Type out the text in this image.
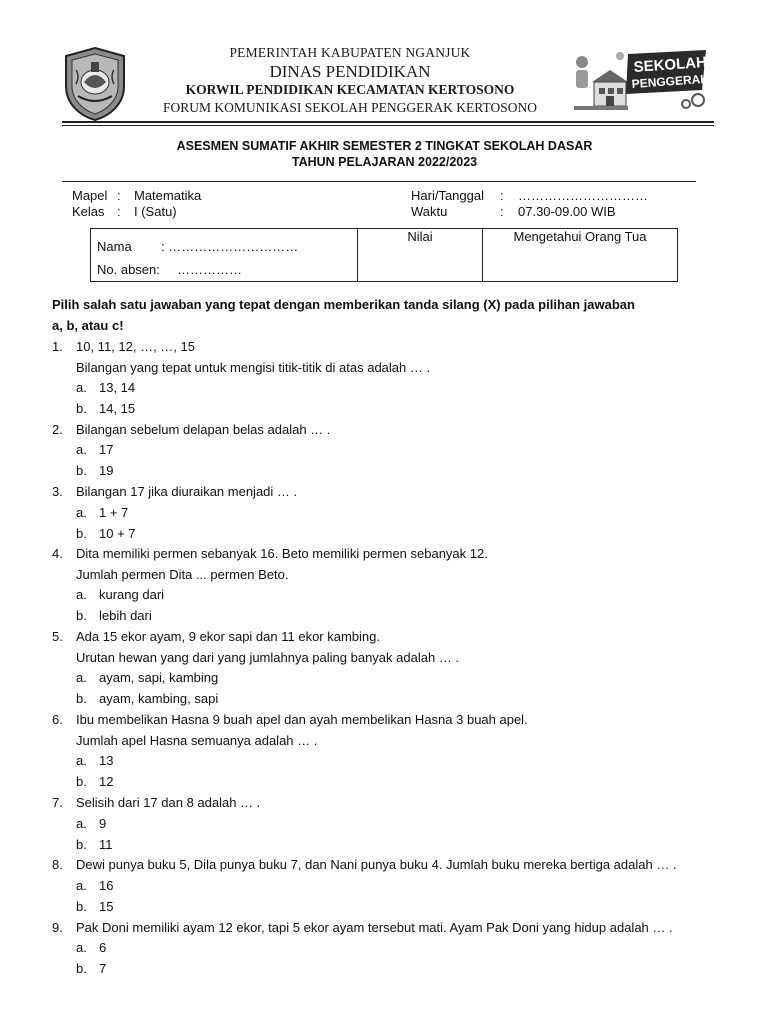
PEMERINTAH KABUPATEN NGANJUK
DINAS PENDIDIKAN
KORWIL PENDIDIKAN KECAMATAN KERTOSONO
FORUM KOMUNIKASI SEKOLAH PENGGERAK KERTOSONO
SEKOLAH
PENGGERAK
ASESMEN SUMATIF AKHIR SEMESTER 2 TINGKAT SEKOLAH DASAR
TAHUN PELAJARAN 2022/2023
Mapel : Matematika
Kelas : I (Satu)
Hari/Tanggal : …………………………
Waktu	: 07.30-09.00 WIB
Nama : …………………………
No. absen: ……………
Nilai	Mengetahui Orang Tua
Pilih salah satu jawaban yang tepat dengan memberikan tanda silang (X) pada pilihan jawaban
a, b, atau c!
1. 10, 11, 12, …, …, 15
Bilangan yang tepat untuk mengisi titik-titik di atas adalah … .
a. 13, 14
b. 14, 15
2. Bilangan sebelum delapan belas adalah … .
a. 17
b. 19
3. Bilangan 17 jika diuraikan menjadi … .
a. 1 + 7
b. 10 + 7
4. Dita memiliki permen sebanyak 16. Beto memiliki permen sebanyak 12.
Jumlah permen Dita ... permen Beto.
a. kurang dari
b. lebih dari
5. Ada 15 ekor ayam, 9 ekor sapi dan 11 ekor kambing.
Urutan hewan yang dari yang jumlahnya paling banyak adalah … .
a. ayam, sapi, kambing
b. ayam, kambing, sapi
6. Ibu membelikan Hasna 9 buah apel dan ayah membelikan Hasna 3 buah apel.
Jumlah apel Hasna semuanya adalah … .
a. 13
b. 12
7. Selisih dari 17 dan 8 adalah … .
a. 9
b. 11
8. Dewi punya buku 5, Dila punya buku 7, dan Nani punya buku 4. Jumlah buku mereka bertiga adalah … .
a. 16
b. 15
9. Pak Doni memiliki ayam 12 ekor, tapi 5 ekor ayam tersebut mati. Ayam Pak Doni yang hidup adalah … .
a. 6
b. 7
